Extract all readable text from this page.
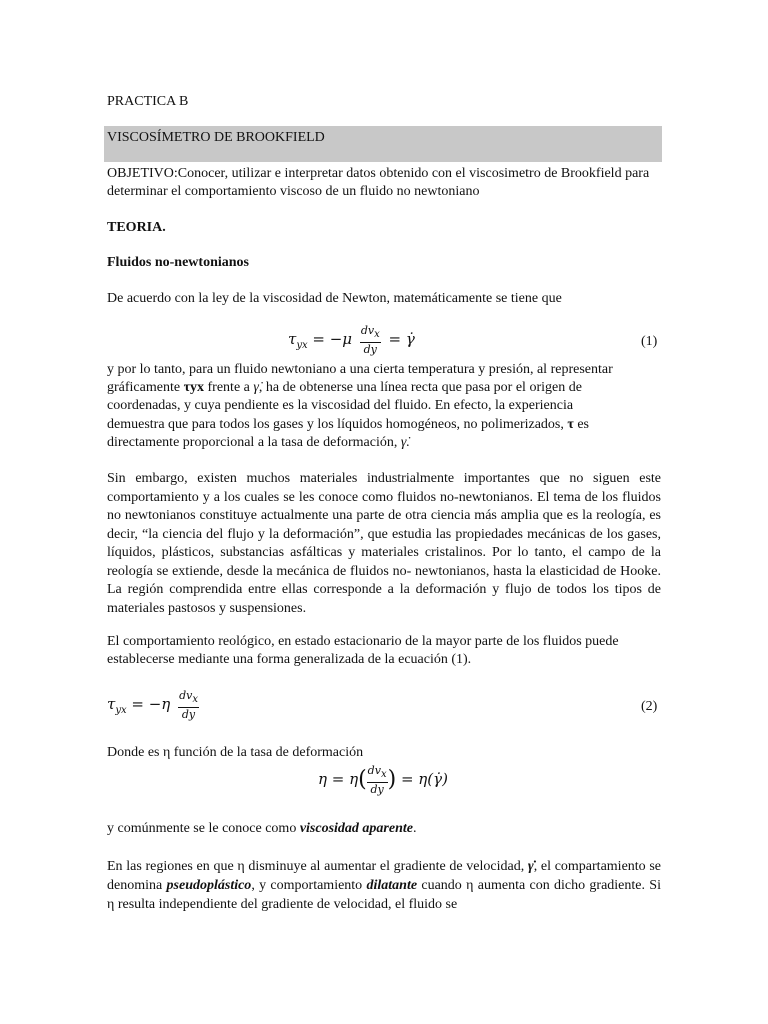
PRACTICA B
VISCOSÍMETRO DE BROOKFIELD
OBJETIVO:Conocer, utilizar e interpretar datos obtenido con el viscosimetro de Brookfield para determinar el comportamiento viscoso de un fluido no newtoniano
TEORIA.
Fluidos no-newtonianos
De acuerdo con la ley de la viscosidad de Newton, matemáticamente se tiene que
$\tau_{yx} = -\mu \frac{dv_x}{dy}$ = γ̇	(1)
y por lo tanto, para un fluido newtoniano a una cierta temperatura y presión, al representar
gráficamente τyx frente a γ̇, ha de obtenerse una línea recta que pasa por el origen de
coordenadas, y cuya pendiente es la viscosidad del fluido. En efecto, la experiencia
demuestra que para todos los gases y los líquidos homogéneos, no polimerizados, τ es
directamente proporcional a la tasa de deformación, γ̇.
Sin embargo, existen muchos materiales industrialmente importantes que no siguen este comportamiento y a los cuales se les conoce como fluidos no-newtonianos. El tema de los fluidos no newtonianos constituye actualmente una parte de otra ciencia más amplia que es la reología, es decir, “la ciencia del flujo y la deformación”, que estudia las propiedades mecánicas de los gases, líquidos, plásticos, substancias asfálticas y materiales cristalinos. Por lo tanto, el campo de la reología se extiende, desde la mecánica de fluidos no- newtonianos, hasta la elasticidad de Hooke. La región comprendida entre ellas corresponde a la deformación y flujo de todos los tipos de materiales pastosos y suspensiones.
El comportamiento reológico, en estado estacionario de la mayor parte de los fluidos puede establecerse mediante una forma generalizada de la ecuación (1).
$\tau_{yx} = -\eta \frac{dv_x}{dy}$	(2)
Donde es η función de la tasa de deformación
$\eta = \eta( \frac{dv_x}{dy}$ ) = η(γ̇)
y comúnmente se le conoce como viscosidad aparente.
En las regiones en que η disminuye al aumentar el gradiente de velocidad, γ̇, el compartamiento se denomina pseudoplástico, y comportamiento dilatante cuando η aumenta con dicho gradiente. Si η resulta independiente del gradiente de velocidad, el fluido se
